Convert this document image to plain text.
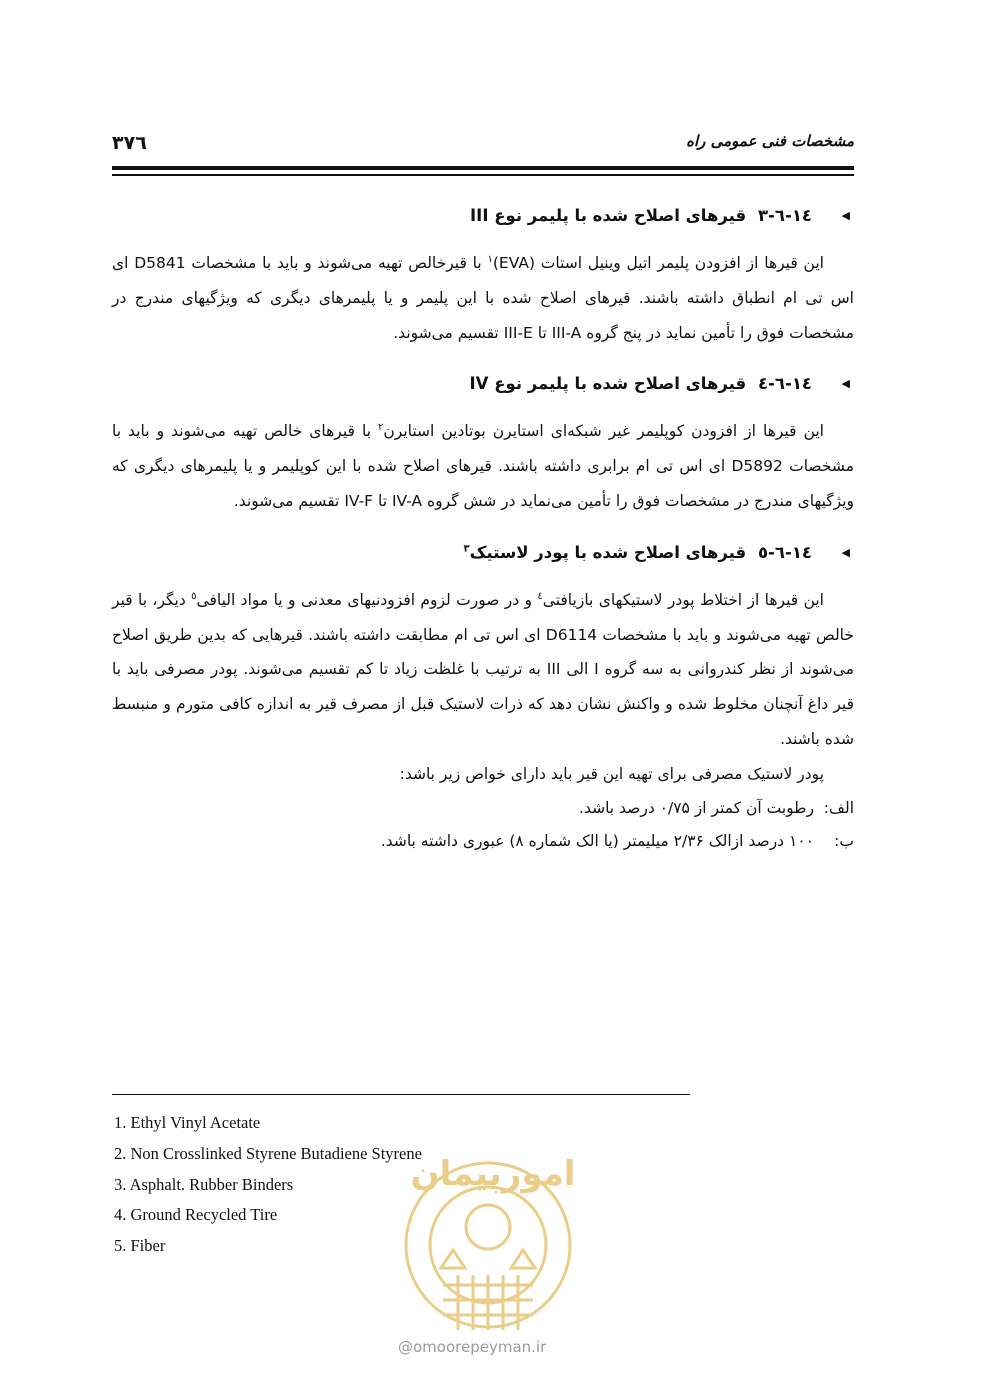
۳۷٦	مشخصات فنی عمومی راه
◀
١٤-٦-٣ قیرهای اصلاح شده با پلیمر نوع III

این قیرها از افزودن پلیمر اتیل وینیل استات (EVA)$^١$ با قیرخالص تهیه می‌شوند و باید با مشخصات D5841 ای اس تی ام انطباق داشته باشند. قیرهای اصلاح شده با این پلیمر و یا پلیمرهای دیگری که ویژگیهای مندرج در مشخصات فوق را تأمین نماید در پنج گروه III-A تا III-E تقسیم می‌شوند.

◀
١٤-٦-٤ قیرهای اصلاح شده با پلیمر نوع IV

این قیرها از افزودن کوپلیمر غیر شبکه‌ای استایرن بوتادین استایرن$^٢$ با قیرهای خالص تهیه می‌شوند و باید با مشخصات D5892 ای اس تی ام برابری داشته باشند. قیرهای اصلاح شده با این کوپلیمر و یا پلیمرهای دیگری که ویژگیهای مندرج در مشخصات فوق را تأمین می‌نماید در شش گروه IV-A تا IV-F تقسیم می‌شوند.

◀
١٤-٦-٥ قیرهای اصلاح شده با پودر لاستیک$^٣$

این قیرها از اختلاط پودر لاستیکهای بازیافتی$^٤$ و در صورت لزوم افزودنیهای معدنی و یا مواد الیافی$^٥$ دیگر، با قیر خالص تهیه می‌شوند و باید با مشخصات D6114 ای اس تی ام مطابقت داشته باشند. قیرهایی که بدین طریق اصلاح می‌شوند از نظر کندروانی به سه گروه I الی III به ترتیب با غلظت زیاد تا کم تقسیم می‌شوند. پودر مصرفی باید با قیر داغ آنچنان مخلوط شده و واکنش نشان دهد که ذرات لاستیک قبل از مصرف قیر به اندازه کافی متورم و منبسط شده باشند.

پودر لاستیک مصرفی برای تهیه این قیر باید دارای خواص زیر باشد:

الف:رطوبت آن کمتر از ۰/۷۵ درصد باشد.

ب:۱۰۰ درصد ازالک ۲/۳۶ میلیمتر (یا الک شماره ۸) عبوری داشته باشد.

1. Ethyl Vinyl Acetate
2. Non Crosslinked Styrene Butadiene Styrene
3. Asphalt. Rubber Binders
4. Ground Recycled Tire
5. Fiber
امورپیمان
@omoorepeyman.ir
